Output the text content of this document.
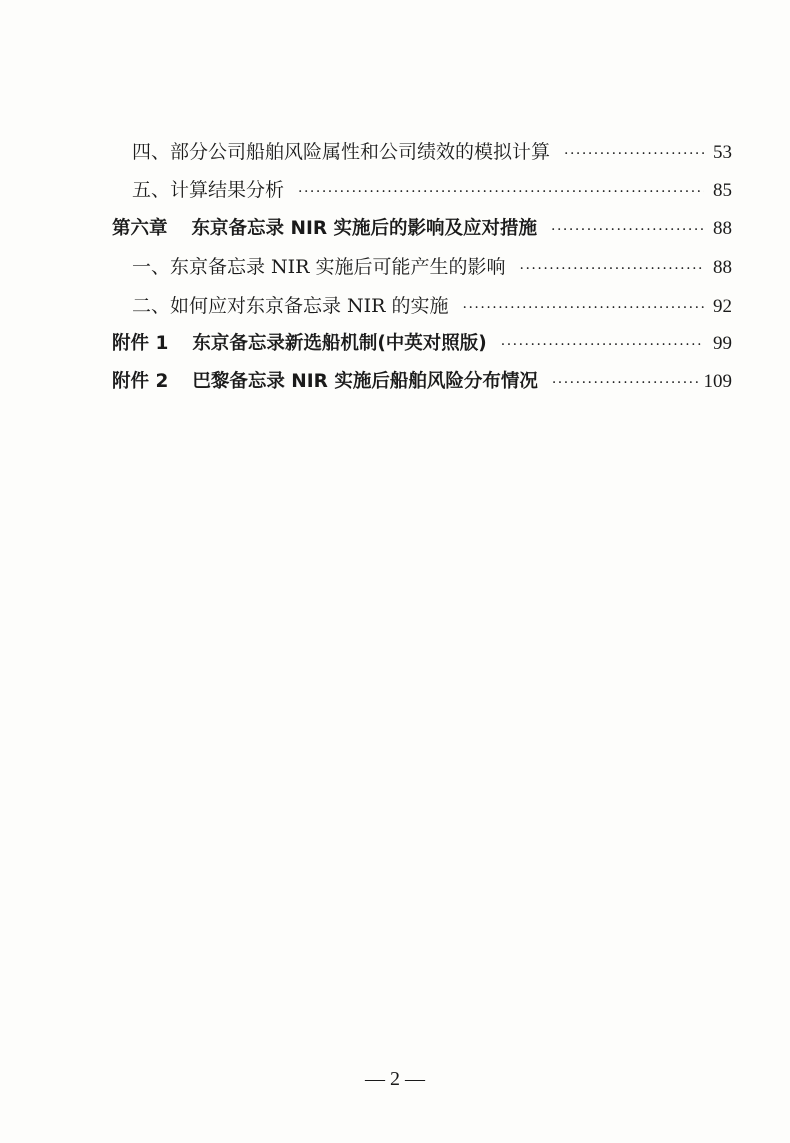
四、部分公司船舶风险属性和公司绩效的模拟计算 ·····	53
五、计算结果分析 ·····	85
第六章 东京备忘录 NIR 实施后的影响及应对措施 ·····	88
一、东京备忘录 NIR 实施后可能产生的影响 ·····	88
二、如何应对东京备忘录 NIR 的实施 ·····	92
附件 1 东京备忘录新选船机制(中英对照版) ·····	99
附件 2 巴黎备忘录 NIR 实施后船舶风险分布情况 ·····	109
— 2 —
